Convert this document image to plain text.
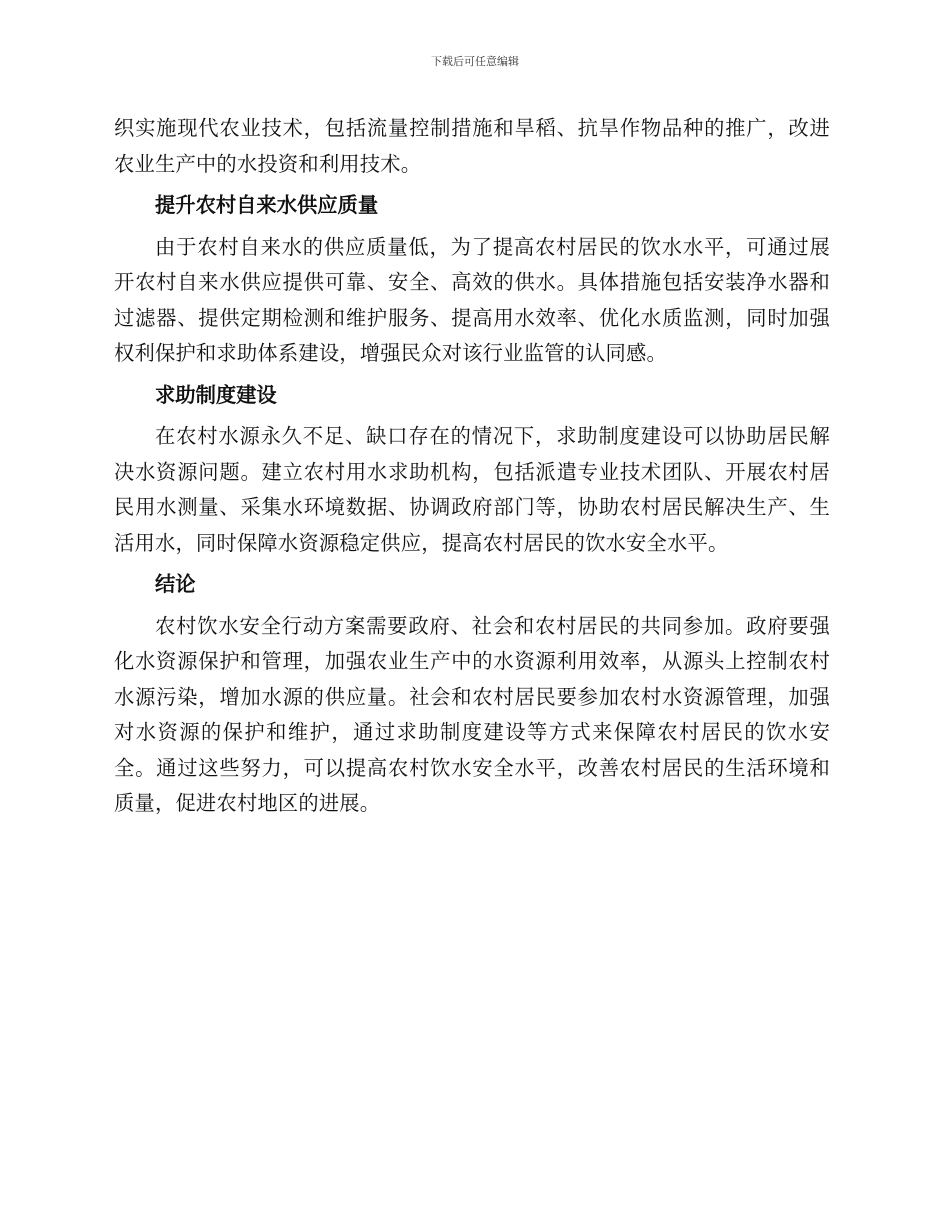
下载后可任意编辑

织实施现代农业技术，包括流量控制措施和旱稻、抗旱作物品种的推广，改进农业生产中的水投资和利用技术。

提升农村自来水供应质量

由于农村自来水的供应质量低，为了提高农村居民的饮水水平，可通过展开农村自来水供应提供可靠、安全、高效的供水。具体措施包括安装净水器和过滤器、提供定期检测和维护服务、提高用水效率、优化水质监测，同时加强权利保护和求助体系建设，增强民众对该行业监管的认同感。

求助制度建设

在农村水源永久不足、缺口存在的情况下，求助制度建设可以协助居民解决水资源问题。建立农村用水求助机构，包括派遣专业技术团队、开展农村居民用水测量、采集水环境数据、协调政府部门等，协助农村居民解决生产、生活用水，同时保障水资源稳定供应，提高农村居民的饮水安全水平。

结论

农村饮水安全行动方案需要政府、社会和农村居民的共同参加。政府要强化水资源保护和管理，加强农业生产中的水资源利用效率，从源头上控制农村水源污染，增加水源的供应量。社会和农村居民要参加农村水资源管理，加强对水资源的保护和维护，通过求助制度建设等方式来保障农村居民的饮水安全。通过这些努力，可以提高农村饮水安全水平，改善农村居民的生活环境和质量，促进农村地区的进展。
